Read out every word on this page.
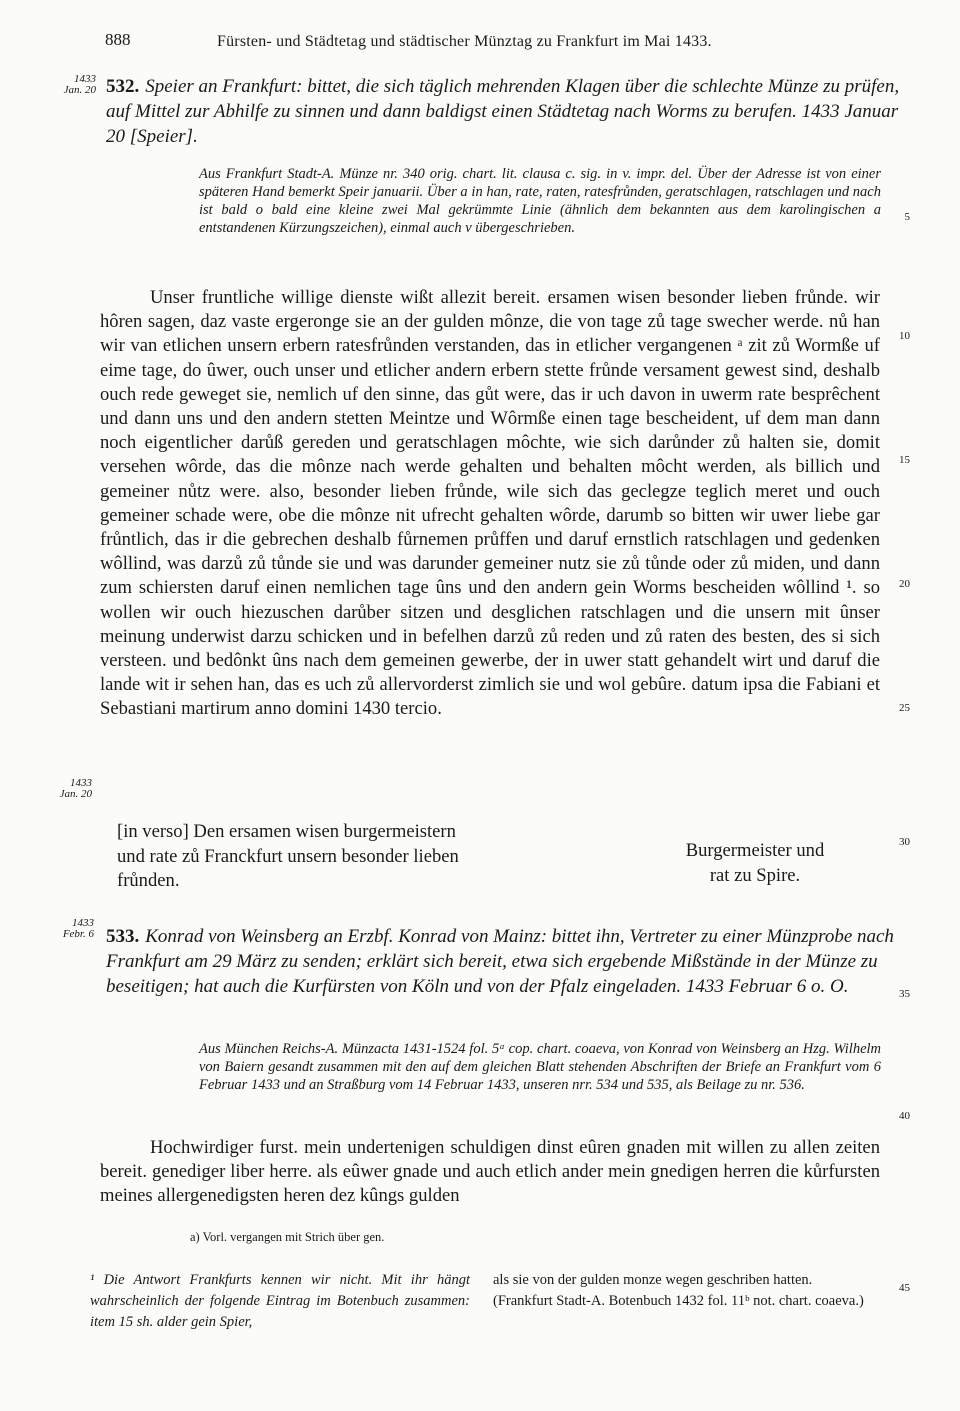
888	Fürsten- und Städtetag und städtischer Münztag zu Frankfurt im Mai 1433.
1433
Jan. 20 532. Speier an Frankfurt: bittet, die sich täglich mehrenden Klagen über die schlechte Münze zu prüfen, auf Mittel zur Abhilfe zu sinnen und dann baldigst einen Städtetag nach Worms zu berufen. 1433 Januar 20 [Speier].
Aus Frankfurt Stadt-A. Münze nr. 340 orig. chart. lit. clausa c. sig. in v. impr. del. Über der Adresse ist von einer späteren Hand bemerkt Speir januarii. Über a in han, rate, raten, ratesfrůnden, geratschlagen, ratschlagen und nach ist bald o bald eine kleine zwei Mal gekrümmte Linie (ähnlich dem bekannten aus dem karolingischen a entstandenen Kürzungszeichen), einmal auch v übergeschrieben.

Unser fruntliche willige dienste wißt allezit bereit. ersamen wisen besonder lieben frůnde. wir hôren sagen, daz vaste ergeronge sie an der gulden mônze, die von tage zů tage swecher werde. nů han wir van etlichen unsern erbern ratesfrůnden verstanden, das in etlicher vergangenen ᵃ zit zů Wormße uf eime tage, do ûwer, ouch unser und etlicher andern erbern stette frůnde versament gewest sind, deshalb ouch rede geweget sie, nemlich uf den sinne, das gůt were, das ir uch davon in uwerm rate besprêchent und dann uns und den andern stetten Meintze und Wôrmße einen tage bescheident, uf dem man dann noch eigentlicher darůß gereden und geratschlagen môchte, wie sich darůnder zů halten sie, domit versehen wôrde, das die mônze nach werde gehalten und behalten môcht werden, als billich und gemeiner nůtz were. also, besonder lieben frůnde, wile sich das geclegze teglich meret und ouch gemeiner schade were, obe die mônze nit ufrecht gehalten wôrde, darumb so bitten wir uwer liebe gar frůntlich, das ir die gebrechen deshalb fůrnemen průffen und daruf ernstlich ratschlagen und gedenken wôllind, was darzů zů tůnde sie und was darunder gemeiner nutz sie zů tůnde oder zů miden, und dann zum schiersten daruf einen nemlichen tage ûns und den andern gein Worms bescheiden wôllind ¹. so wollen wir ouch hiezuschen darůber sitzen und desglichen ratschlagen und die unsern mit ûnser meinung underwist darzu schicken und in befelhen darzů zů reden und zů raten des besten, des si sich versteen. und bedônkt ûns nach dem gemeinen gewerbe, der in uwer statt gehandelt wirt und daruf die lande wit ir sehen han, das es uch zů allervorderst zimlich sie und wol gebûre. datum ipsa die Fabiani et Sebastiani martirum anno domini 1430 tercio.

1433
Jan. 20

[in verso] Den ersamen wisen burgermeistern und rate zů Franckfurt unsern besonder lieben frůnden.

Burgermeister und
rat zu Spire.
1433
Febr. 6 533. Konrad von Weinsberg an Erzbf. Konrad von Mainz: bittet ihn, Vertreter zu einer Münzprobe nach Frankfurt am 29 März zu senden; erklärt sich bereit, etwa sich ergebende Mißstände in der Münze zu beseitigen; hat auch die Kurfürsten von Köln und von der Pfalz eingeladen. 1433 Februar 6 o. O.
Aus München Reichs-A. Münzacta 1431-1524 fol. 5ᵃ cop. chart. coaeva, von Konrad von Weinsberg an Hzg. Wilhelm von Baiern gesandt zusammen mit den auf dem gleichen Blatt stehenden Abschriften der Briefe an Frankfurt vom 6 Februar 1433 und an Straßburg vom 14 Februar 1433, unseren nrr. 534 und 535, als Beilage zu nr. 536.

Hochwirdiger furst. mein undertenigen schuldigen dinst eûren gnaden mit willen zu allen zeiten bereit. genediger liber herre. als eûwer gnade und auch etlich ander mein gnedigen herren die kůrfursten meines allergenedigsten heren dez kûngs gulden

5
10
15
20
25
30
35
40
45
a) Vorl. vergangen mit Strich über gen.
¹ Die Antwort Frankfurts kennen wir nicht. Mit ihr hängt wahrscheinlich der folgende Eintrag im Botenbuch zusammen: item 15 sh. alder gein Spier,
als sie von der gulden monze wegen geschriben hatten. (Frankfurt Stadt-A. Botenbuch 1432 fol. 11ᵇ not. chart. coaeva.)
